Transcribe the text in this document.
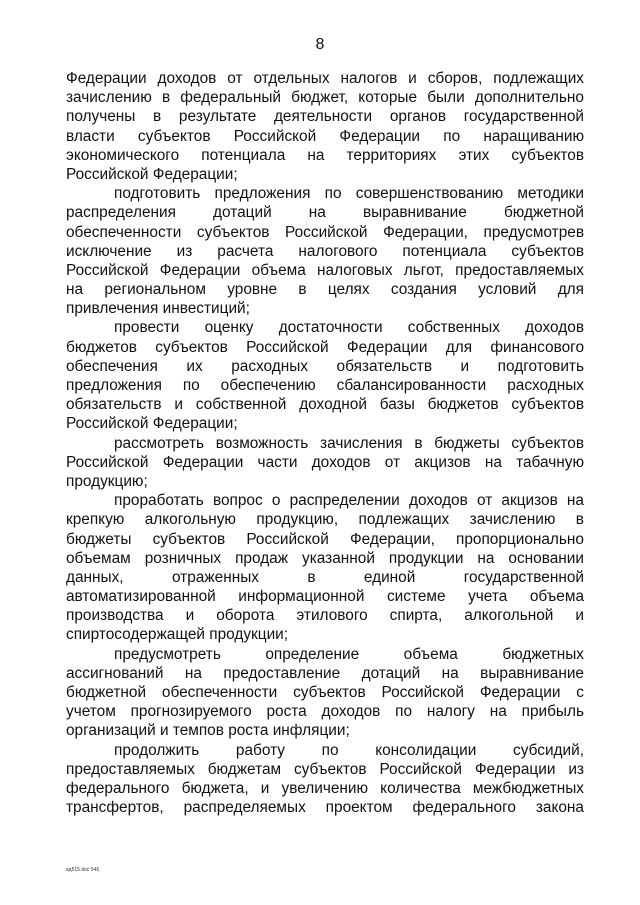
8
Федерации доходов от отдельных налогов и сборов, подлежащих
зачислению в федеральный бюджет, которые были дополнительно
получены в результате деятельности органов государственной
власти субъектов Российской Федерации по наращиванию
экономического потенциала на территориях этих субъектов
Российской Федерации;
подготовить предложения по совершенствованию методики
распределения дотаций на выравнивание бюджетной
обеспеченности субъектов Российской Федерации, предусмотрев
исключение из расчета налогового потенциала субъектов
Российской Федерации объема налоговых льгот, предоставляемых
на региональном уровне в целях создания условий для
привлечения инвестиций;
провести оценку достаточности собственных доходов
бюджетов субъектов Российской Федерации для финансового
обеспечения их расходных обязательств и подготовить
предложения по обеспечению сбалансированности расходных
обязательств и собственной доходной базы бюджетов субъектов
Российской Федерации;
рассмотреть возможность зачисления в бюджеты субъектов
Российской Федерации части доходов от акцизов на табачную
продукцию;
проработать вопрос о распределении доходов от акцизов на
крепкую алкогольную продукцию, подлежащих зачислению в
бюджеты субъектов Российской Федерации, пропорционально
объемам розничных продаж указанной продукции на основании
данных, отраженных в единой государственной
автоматизированной информационной системе учета объема
производства и оборота этилового спирта, алкогольной и
спиртосодержащей продукции;
предусмотреть определение объема бюджетных
ассигнований на предоставление дотаций на выравнивание
бюджетной обеспеченности субъектов Российской Федерации с
учетом прогнозируемого роста доходов по налогу на прибыль
организаций и темпов роста инфляции;
продолжить работу по консолидации субсидий,
предоставляемых бюджетам субъектов Российской Федерации из
федерального бюджета, и увеличению количества межбюджетных
трансфертов, распределяемых проектом федерального закона
ед515.doc 546
